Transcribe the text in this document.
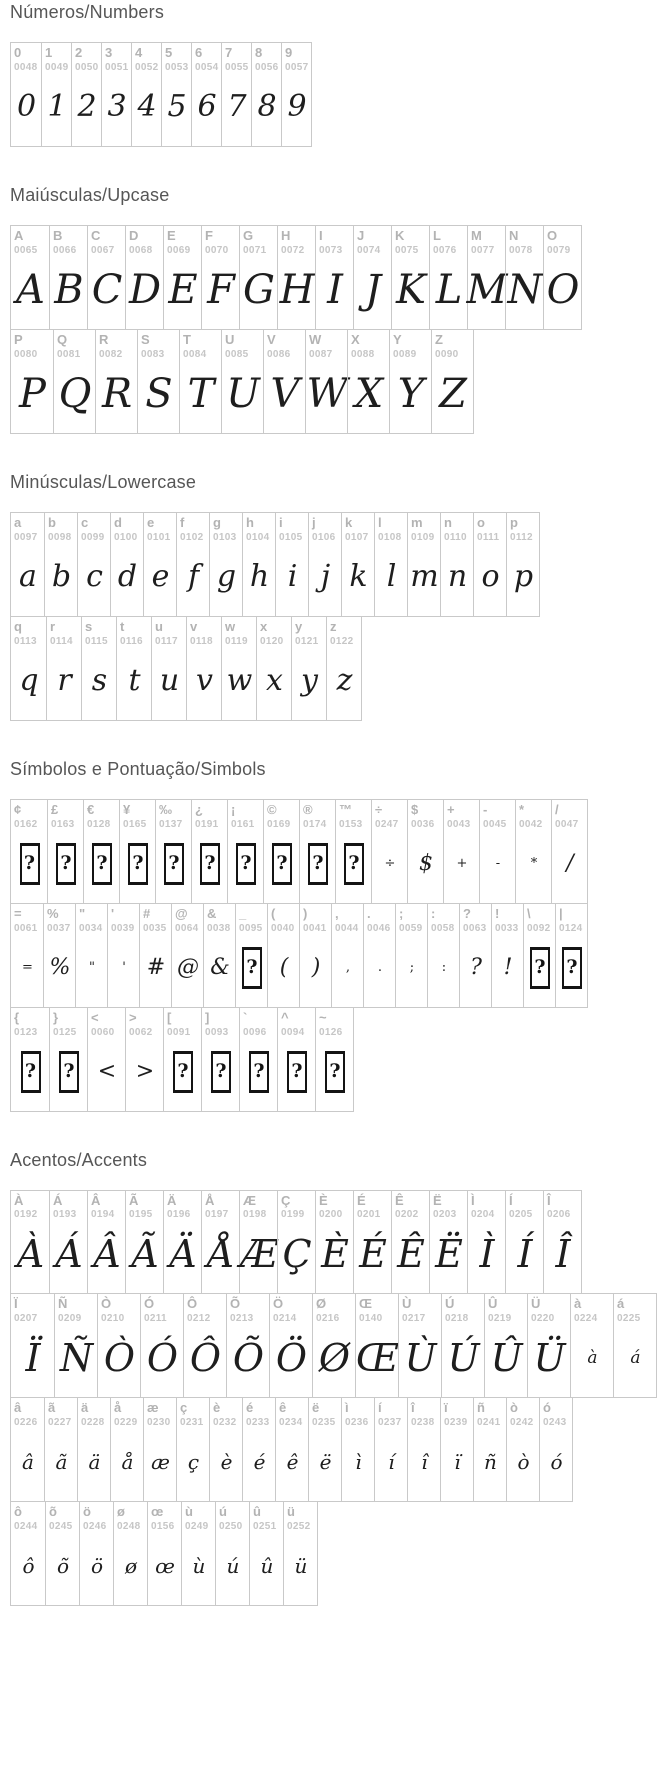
Números/Numbers
0
0048
0
1
0049
1
2
0050
2
3
0051
3
4
0052
4
5
0053
5
6
0054
6
7
0055
7
8
0056
8
9
0057
9
Maiúsculas/Upcase
A
0065
A
B
0066
B
C
0067
C
D
0068
D
E
0069
E
F
0070
F
G
0071
G
H
0072
H
I
0073
I
J
0074
J
K
0075
K
L
0076
L
M
0077
M
N
0078
N
O
0079
O
P
0080
P
Q
0081
Q
R
0082
R
S
0083
S
T
0084
T
U
0085
U
V
0086
V
W
0087
W
X
0088
X
Y
0089
Y
Z
0090
Z
Minúsculas/Lowercase
a
0097
a
b
0098
b
c
0099
c
d
0100
d
e
0101
e
f
0102
f
g
0103
g
h
0104
h
i
0105
i
j
0106
j
k
0107
k
l
0108
l
m
0109
m
n
0110
n
o
0111
o
p
0112
p
q
0113
q
r
0114
r
s
0115
s
t
0116
t
u
0117
u
v
0118
v
w
0119
w
x
0120
x
y
0121
y
z
0122
z
Símbolos e Pontuação/Simbols
¢
0162
?
£
0163
?
€
0128
?
¥
0165
?
‰
0137
?
¿
0191
?
¡
0161
?
©
0169
?
®
0174
?
™
0153
?
÷
0247
÷
$
0036
$
+
0043
+
-
0045
-
*
0042
*
/
0047
/
=
0061
=
%
0037
%
"
0034
"
'
0039
'
#
0035
#
@
0064
@
&
0038
&
_
0095
?
(
0040
(
)
0041
)
,
0044
,
.
0046
.
;
0059
;
:
0058
:
?
0063
?
!
0033
!
\
0092
?
|
0124
?
{
0123
?
}
0125
?
<
0060
<
>
0062
>
[
0091
?
]
0093
?
`
0096
?
^
0094
?
~
0126
?
Acentos/Accents
À
0192
À
Á
0193
Á
Â
0194
Â
Ã
0195
Ã
Ä
0196
Ä
Å
0197
Å
Æ
0198
Æ
Ç
0199
Ç
È
0200
È
É
0201
É
Ê
0202
Ê
Ë
0203
Ë
Ì
0204
Ì
Í
0205
Í
Î
0206
Î
Ï
0207
Ï
Ñ
0209
Ñ
Ò
0210
Ò
Ó
0211
Ó
Ô
0212
Ô
Õ
0213
Õ
Ö
0214
Ö
Ø
0216
Ø
Œ
0140
Œ
Ù
0217
Ù
Ú
0218
Ú
Û
0219
Û
Ü
0220
Ü
à
0224
à
á
0225
á
â
0226
â
ã
0227
ã
ä
0228
ä
å
0229
å
æ
0230
æ
ç
0231
ç
è
0232
è
é
0233
é
ê
0234
ê
ë
0235
ë
ì
0236
ì
í
0237
í
î
0238
î
ï
0239
ï
ñ
0241
ñ
ò
0242
ò
ó
0243
ó
ô
0244
ô
õ
0245
õ
ö
0246
ö
ø
0248
ø
œ
0156
œ
ù
0249
ù
ú
0250
ú
û
0251
û
ü
0252
ü
